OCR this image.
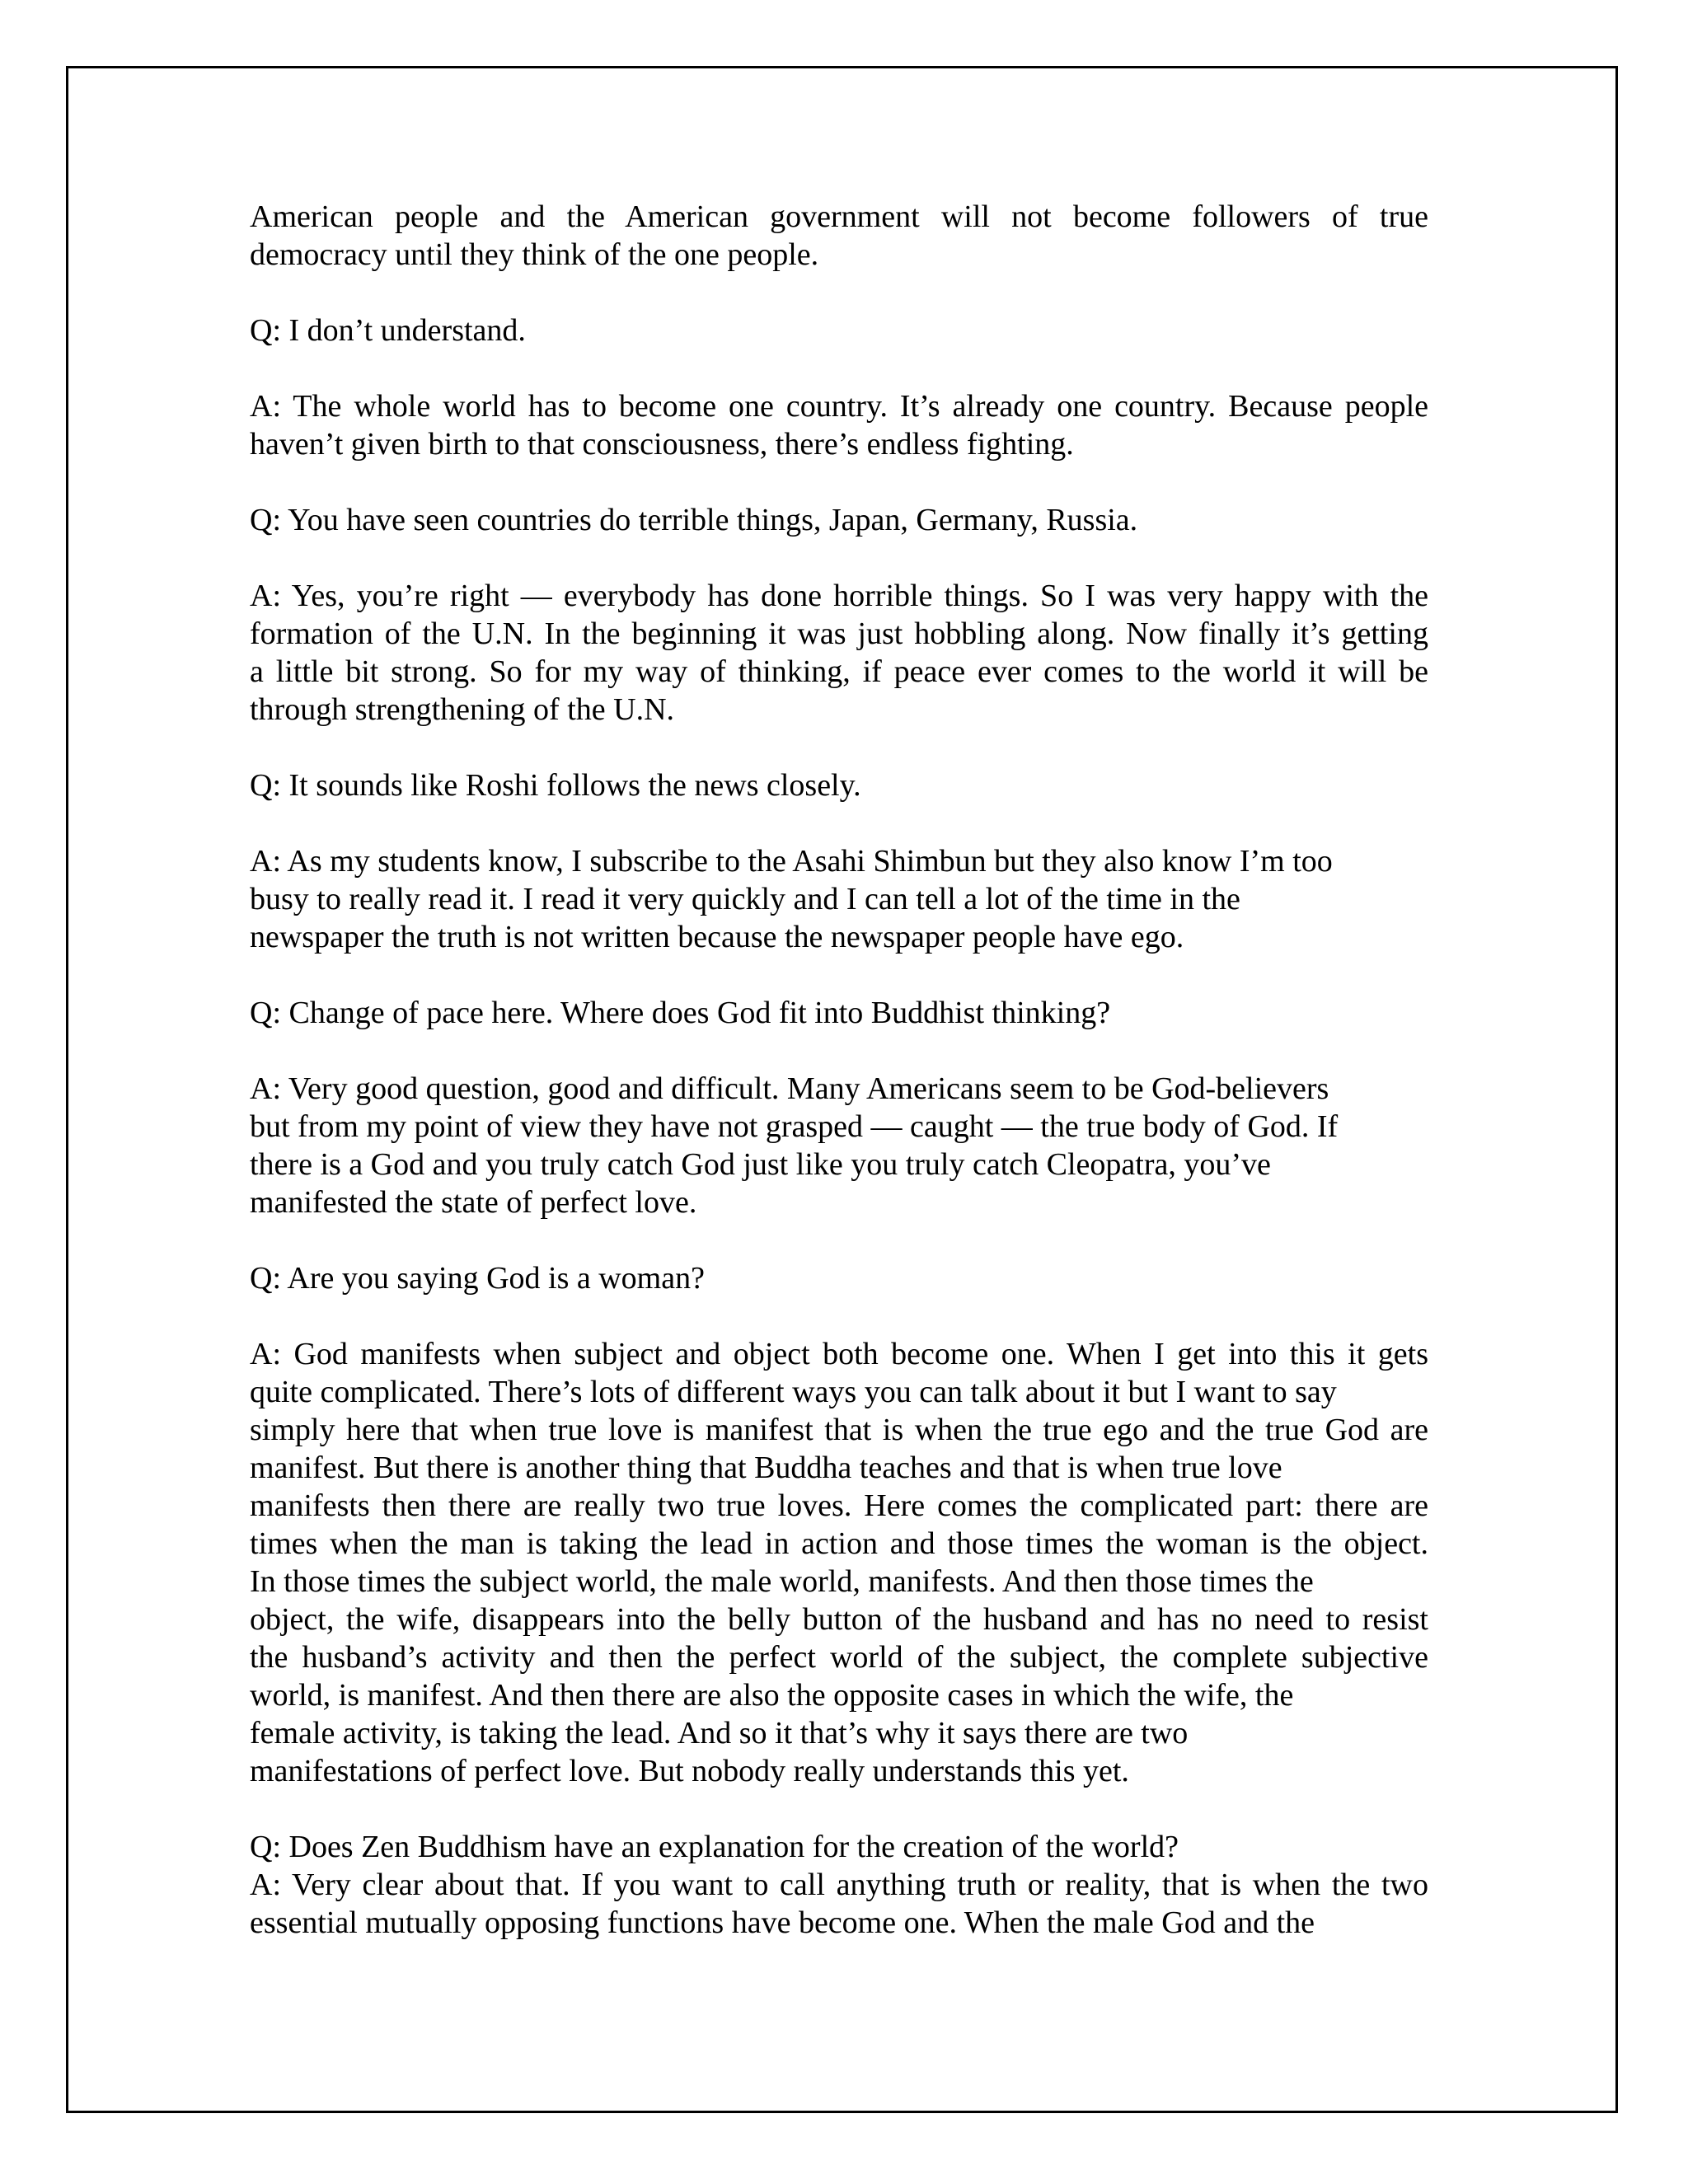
American people and the American government will not become followers of true
democracy until they think of the one people.

Q: I don’t understand.

A: The whole world has to become one country. It’s already one country. Because people
haven’t given birth to that consciousness, there’s endless fighting.

Q: You have seen countries do terrible things, Japan, Germany, Russia.

A: Yes, you’re right — everybody has done horrible things. So I was very happy with the
formation of the U.N. In the beginning it was just hobbling along. Now finally it’s getting
a little bit strong. So for my way of thinking, if peace ever comes to the world it will be
through strengthening of the U.N.

Q: It sounds like Roshi follows the news closely.

A: As my students know, I subscribe to the Asahi Shimbun but they also know I’m too
busy to really read it. I read it very quickly and I can tell a lot of the time in the
newspaper the truth is not written because the newspaper people have ego.

Q: Change of pace here. Where does God fit into Buddhist thinking?

A: Very good question, good and difficult. Many Americans seem to be God-believers
but from my point of view they have not grasped — caught — the true body of God. If
there is a God and you truly catch God just like you truly catch Cleopatra, you’ve
manifested the state of perfect love.

Q: Are you saying God is a woman?

A: God manifests when subject and object both become one. When I get into this it gets
quite complicated. There’s lots of different ways you can talk about it but I want to say
simply here that when true love is manifest that is when the true ego and the true God are
manifest. But there is another thing that Buddha teaches and that is when true love
manifests then there are really two true loves. Here comes the complicated part: there are
times when the man is taking the lead in action and those times the woman is the object.
In those times the subject world, the male world, manifests. And then those times the
object, the wife, disappears into the belly button of the husband and has no need to resist
the husband’s activity and then the perfect world of the subject, the complete subjective
world, is manifest. And then there are also the opposite cases in which the wife, the
female activity, is taking the lead. And so it that’s why it says there are two
manifestations of perfect love. But nobody really understands this yet.

Q: Does Zen Buddhism have an explanation for the creation of the world?
A: Very clear about that. If you want to call anything truth or reality, that is when the two
essential mutually opposing functions have become one. When the male God and the
